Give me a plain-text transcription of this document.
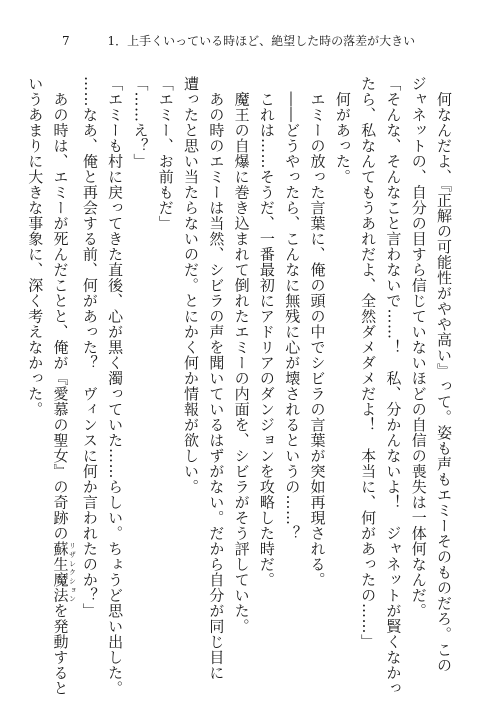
7	1．上手くいっている時ほど、絶望した時の落差が大きい
　何なんだよ、『正解の可能性がやや高い』って。姿も声もエミーそのものだろ。この
ジャネットの、自分の目すら信じていないほどの自信の喪失は一体何なんだ。
「そんな、そんなこと言わないで……！　私、分かんないよ！　ジャネットが賢くなかっ
たら、私なんてもうあれだよ、全然ダメダメだよ！　本当に、何があったの……」
　何があった。
　エミーの放った言葉に、俺の頭の中でシビラの言葉が突如再現される。
　――どうやったら、こんなに無残に心が壊されるというの……？
　これは……そうだ、一番最初にアドリアのダンジョンを攻略した時だ。
　魔王の自爆に巻き込まれて倒れたエミーの内面を、シビラがそう評していた。
　あの時のエミーは当然、シビラの声を聞いているはずがない。だから自分が同じ目に
遭ったと思い当たらないのだ。とにかく何か情報が欲しい。
「エミー、お前もだ」
「……え？」
「エミーも村に戻ってきた直後、心が黒く濁っていた……らしい。ちょうど思い出した。
……なあ、俺と再会する前、何があった？　ヴィンスに何か言われたのか？」
　あの時は、エミーが死んだことと、俺が『愛慕の聖女』の奇跡の蘇生魔法 リザレクションを発動すると
いうあまりに大きな事象に、深く考えなかった。
